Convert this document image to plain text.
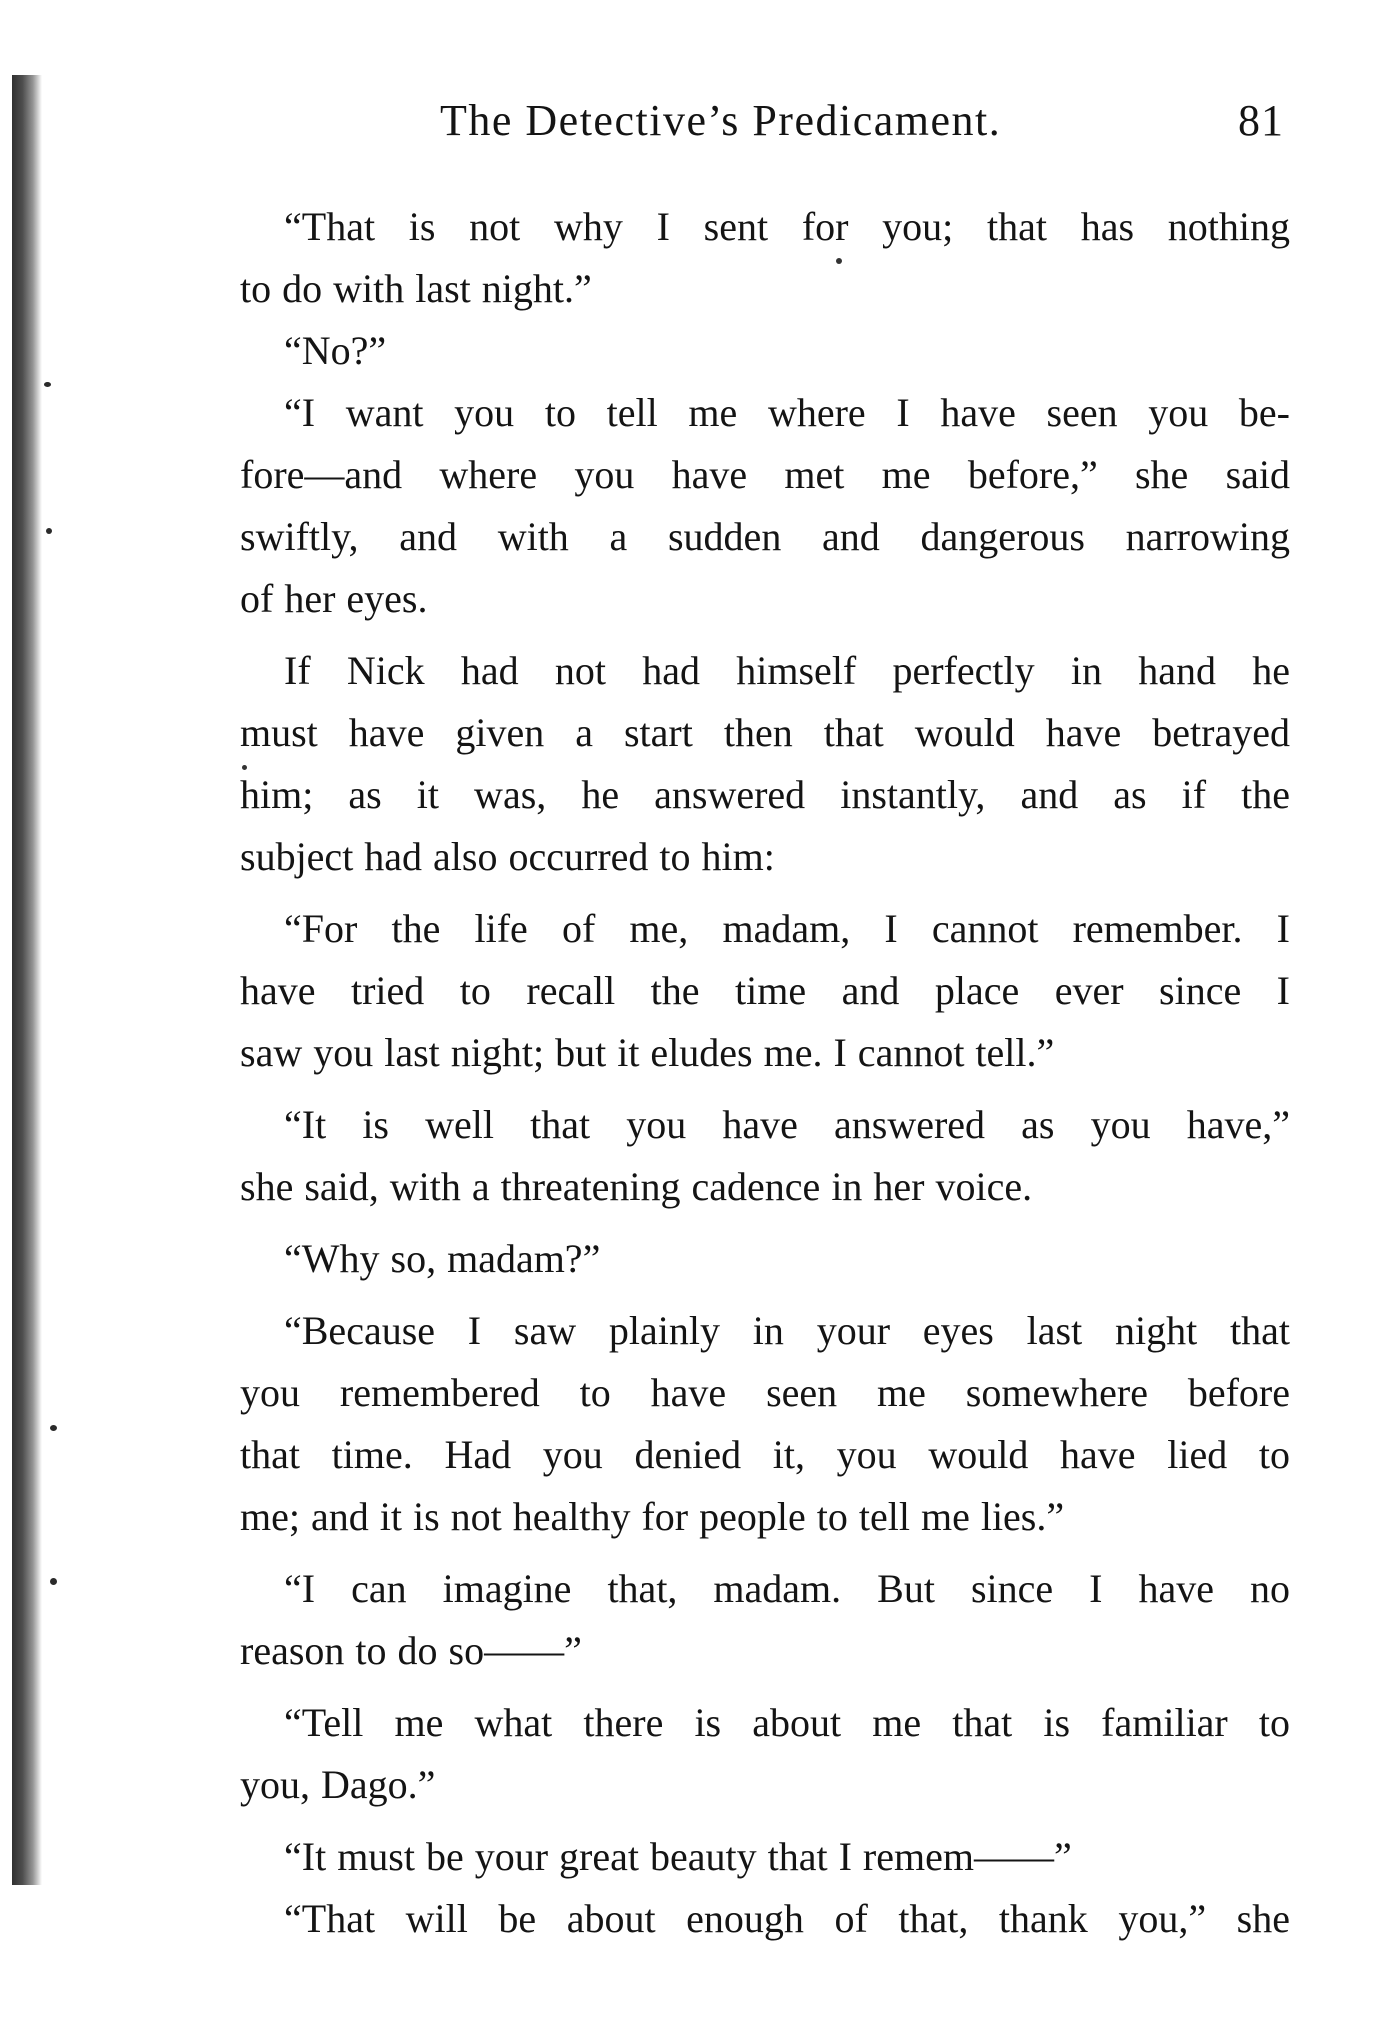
The Detective’s Predicament.	81
“That is not why I sent for you; that has nothing
to do with last night.”
“No?”
“I want you to tell me where I have seen you be-
fore—and where you have met me before,” she said
swiftly, and with a sudden and dangerous narrowing
of her eyes.
If Nick had not had himself perfectly in hand he
must have given a start then that would have betrayed
him; as it was, he answered instantly, and as if the
subject had also occurred to him:
“For the life of me, madam, I cannot remember. I
have tried to recall the time and place ever since I
saw you last night; but it eludes me. I cannot tell.”
“It is well that you have answered as you have,”
she said, with a threatening cadence in her voice.
“Why so, madam?”
“Because I saw plainly in your eyes last night that
you remembered to have seen me somewhere before
that time. Had you denied it, you would have lied to
me; and it is not healthy for people to tell me lies.”
“I can imagine that, madam. But since I have no
reason to do so——”
“Tell me what there is about me that is familiar to
you, Dago.”
“It must be your great beauty that I remem——”
“That will be about enough of that, thank you,” she
